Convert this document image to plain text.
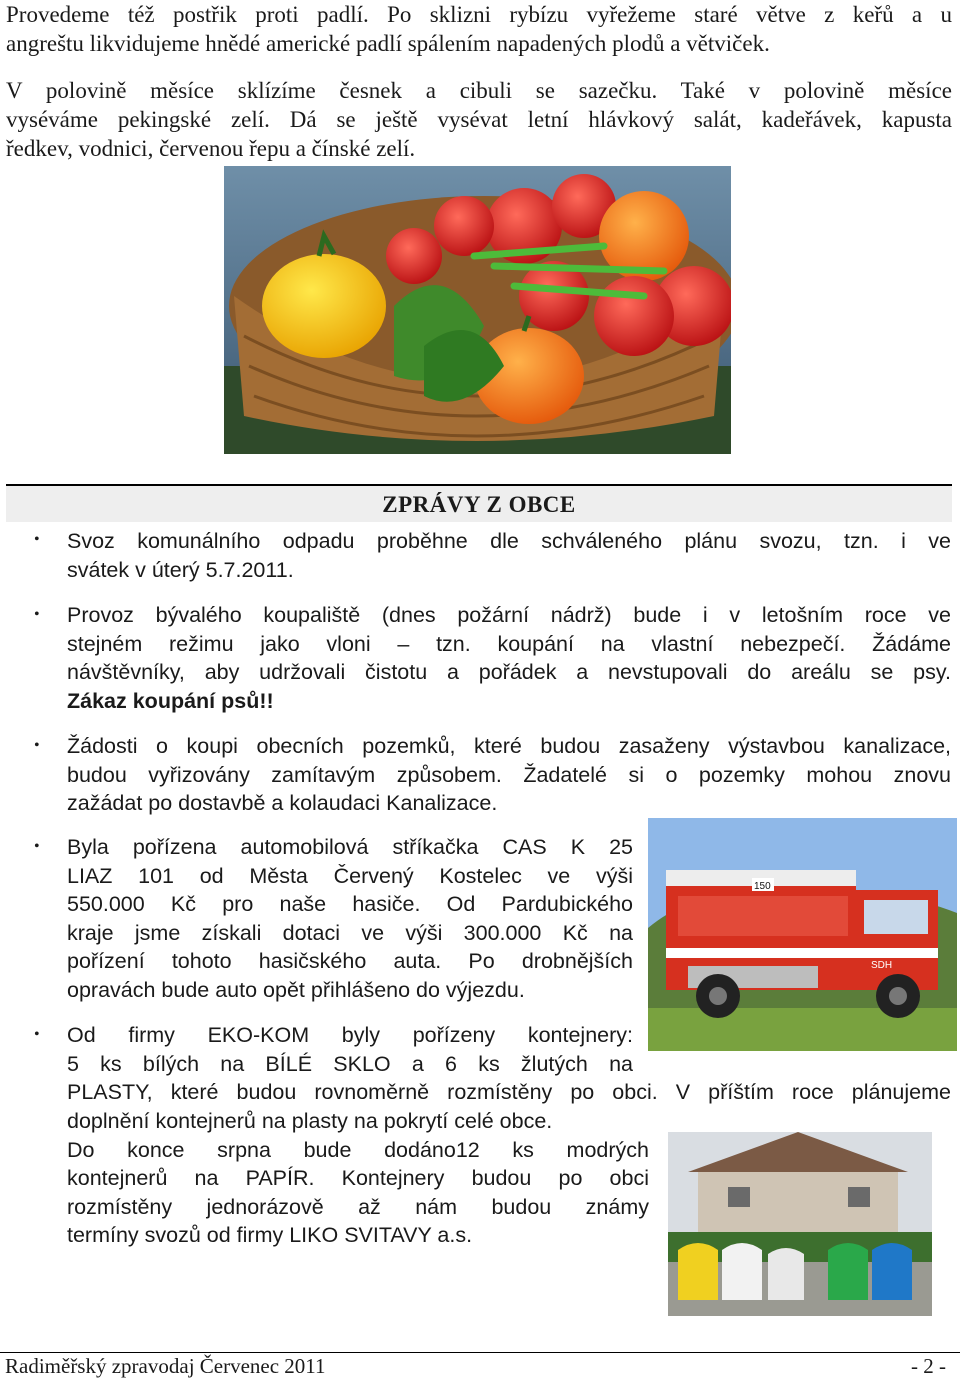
Provedeme též postřik proti padlí. Po sklizni rybízu vyřežeme staré větve z keřů a u
angreštu likvidujeme hnědé americké padlí spálením napadených plodů a větviček.

V polovině měsíce sklízíme česnek a cibuli se sazečku. Také v polovině měsíce
vyséváme pekingské zelí. Dá se ještě vysévat letní hlávkový salát, kadeřávek, kapusta
ředkev, vodnici, červenou řepu a čínské zelí.

ZPRÁVY Z OBCE
• Svoz komunálního odpadu proběhne dle schváleného plánu svozu, tzn. i ve
svátek v úterý 5.7.2011.
• Provoz bývalého koupaliště (dnes požární nádrž) bude i v letošním roce ve
stejném režimu jako vloni – tzn. koupání na vlastní nebezpečí. Žádáme
návštěvníky, aby udržovali čistotu a pořádek a nevstupovali do areálu se psy.
Zákaz koupání psů!!
• Žádosti o koupi obecních pozemků, které budou zasaženy výstavbou kanalizace,
budou vyřizovány zamítavým způsobem. Žadatelé si o pozemky mohou znovu
zažádat po dostavbě a kolaudaci Kanalizace.
• Byla pořízena automobilová stříkačka CAS K 25
LIAZ 101 od Města Červený Kostelec ve výši
550.000 Kč pro naše hasiče. Od Pardubického
kraje jsme získali dotaci ve výši 300.000 Kč na
pořízení tohoto hasičského auta. Po drobnějších
opravách bude auto opět přihlášeno do výjezdu.
SDH
150
• Od firmy EKO-KOM byly pořízeny kontejnery:
5 ks bílých na BÍLÉ SKLO a 6 ks žlutých na
PLASTY, které budou rovnoměrně rozmístěny po obci. V příštím roce plánujeme
doplnění kontejnerů na plasty na pokrytí celé obce.
Do konce srpna bude dodáno12 ks modrých
kontejnerů na PAPÍR. Kontejnery budou po obci
rozmístěny jednorázově až nám budou známy
termíny svozů od firmy LIKO SVITAVY a.s.
Radiměřský zpravodaj Červenec 2011	- 2 -
